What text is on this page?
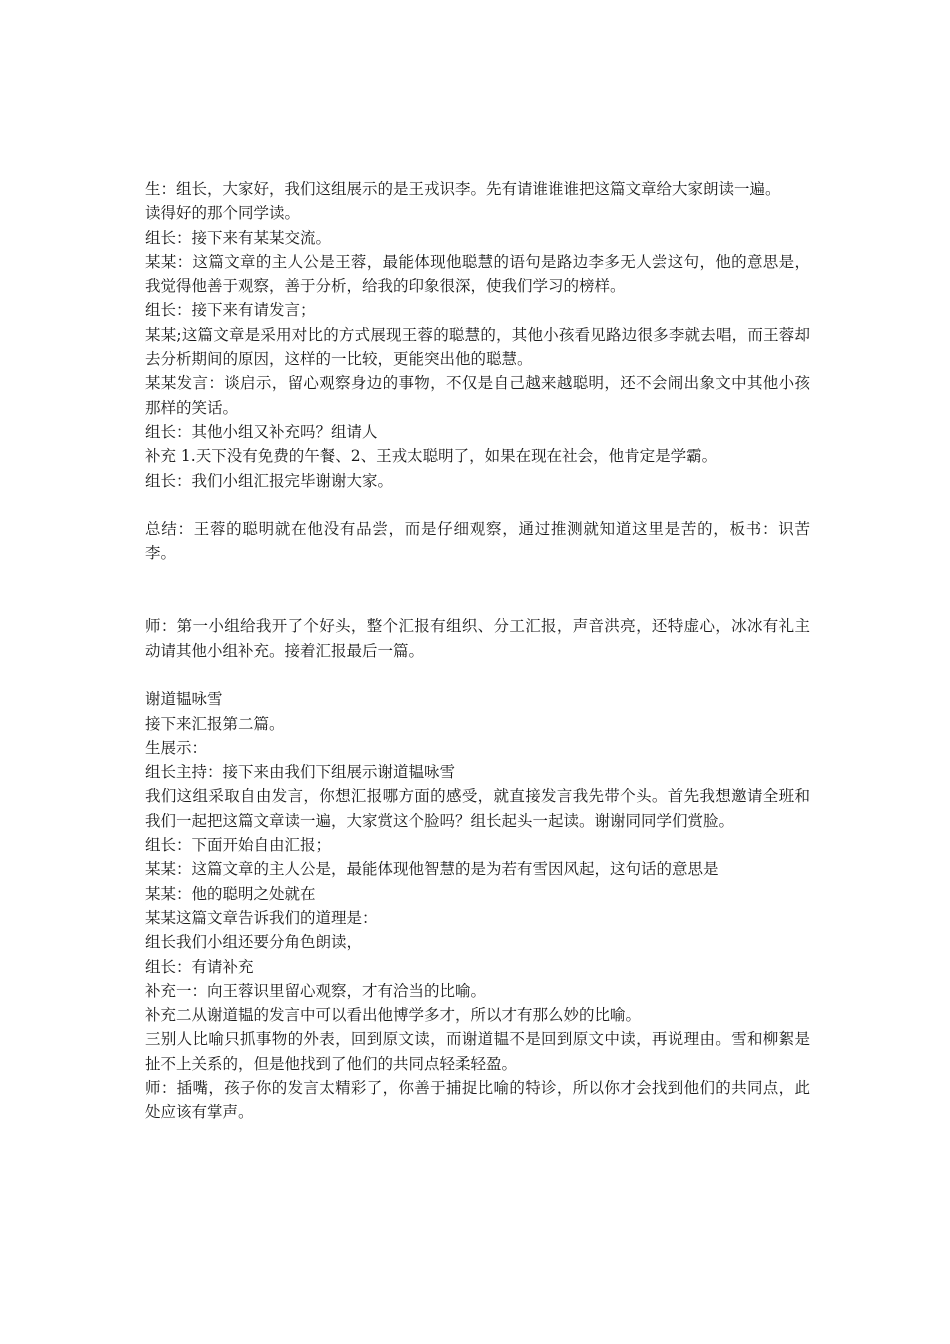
生：组长，大家好，我们这组展示的是王戎识李。先有请谁谁谁把这篇文章给大家朗读一遍。

读得好的那个同学读。

组长：接下来有某某交流。

某某：这篇文章的主人公是王蓉，最能体现他聪慧的语句是路边李多无人尝这句，他的意思是，我觉得他善于观察，善于分析，给我的印象很深，使我们学习的榜样。

组长：接下来有请发言；

某某;这篇文章是采用对比的方式展现王蓉的聪慧的，其他小孩看见路边很多李就去唱，而王蓉却去分析期间的原因，这样的一比较，更能突出他的聪慧。

某某发言：谈启示，留心观察身边的事物，不仅是自己越来越聪明，还不会闹出象文中其他小孩那样的笑话。

组长：其他小组又补充吗？组请人

补充 1.天下没有免费的午餐、2、王戎太聪明了，如果在现在社会，他肯定是学霸。

组长：我们小组汇报完毕谢谢大家。

总结：王蓉的聪明就在他没有品尝，而是仔细观察，通过推测就知道这里是苦的，板书：识苦李。

师：第一小组给我开了个好头，整个汇报有组织、分工汇报，声音洪亮，还特虚心，冰冰有礼主动请其他小组补充。接着汇报最后一篇。

谢道韫咏雪

接下来汇报第二篇。

生展示：

组长主持：接下来由我们下组展示谢道韫咏雪

我们这组采取自由发言，你想汇报哪方面的感受，就直接发言我先带个头。首先我想邀请全班和我们一起把这篇文章读一遍，大家赏这个脸吗？组长起头一起读。谢谢同同学们赏脸。

组长：下面开始自由汇报；

某某：这篇文章的主人公是，最能体现他智慧的是为若有雪因风起，这句话的意思是

某某：他的聪明之处就在

某某这篇文章告诉我们的道理是：

组长我们小组还要分角色朗读，

组长：有请补充

补充一：向王蓉识里留心观察，才有洽当的比喻。

补充二从谢道韫的发言中可以看出他博学多才，所以才有那么妙的比喻。

三别人比喻只抓事物的外表，回到原文读，而谢道韫不是回到原文中读，再说理由。雪和柳絮是扯不上关系的，但是他找到了他们的共同点轻柔轻盈。

师：插嘴，孩子你的发言太精彩了，你善于捕捉比喻的特诊，所以你才会找到他们的共同点，此处应该有掌声。
